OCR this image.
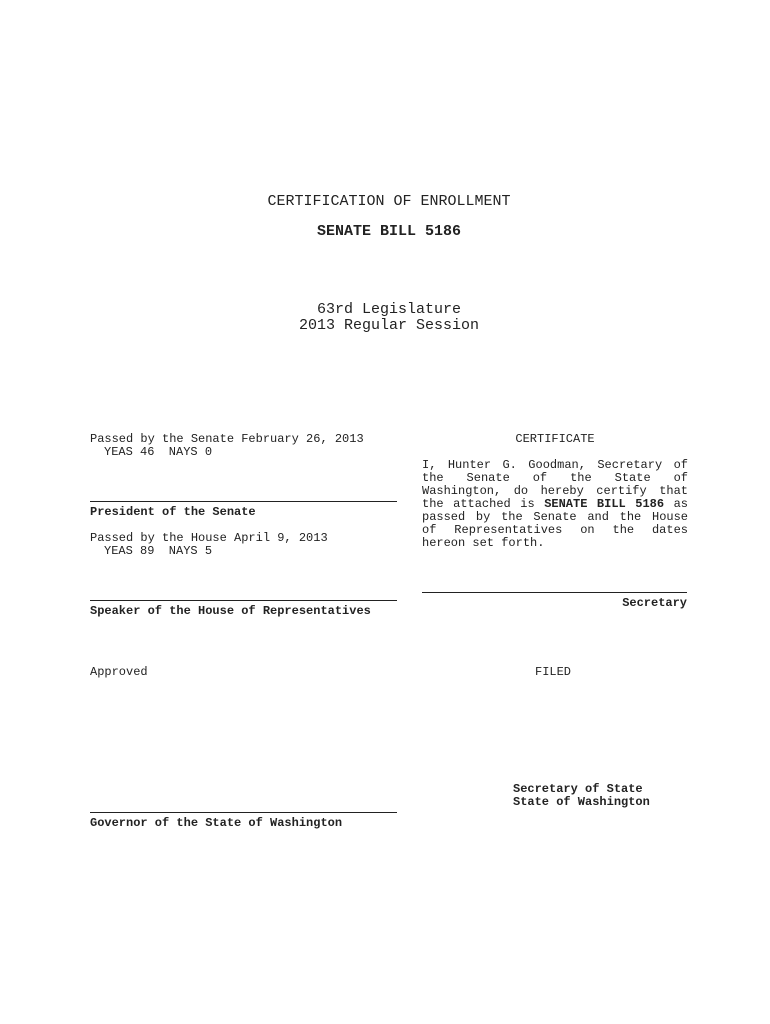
CERTIFICATION OF ENROLLMENT
SENATE BILL 5186
63rd Legislature
2013 Regular Session
Passed by the Senate February 26, 2013
YEAS 46  NAYS 0
President of the Senate
Passed by the House April 9, 2013
YEAS 89  NAYS 5
Speaker of the House of Representatives
Approved
Governor of the State of Washington
CERTIFICATE
I, Hunter G. Goodman, Secretary of the Senate of the State of Washington, do hereby certify that the attached is SENATE BILL 5186 as passed by the Senate and the House of Representatives on the dates hereon set forth.
Secretary
FILED
Secretary of State
State of Washington
